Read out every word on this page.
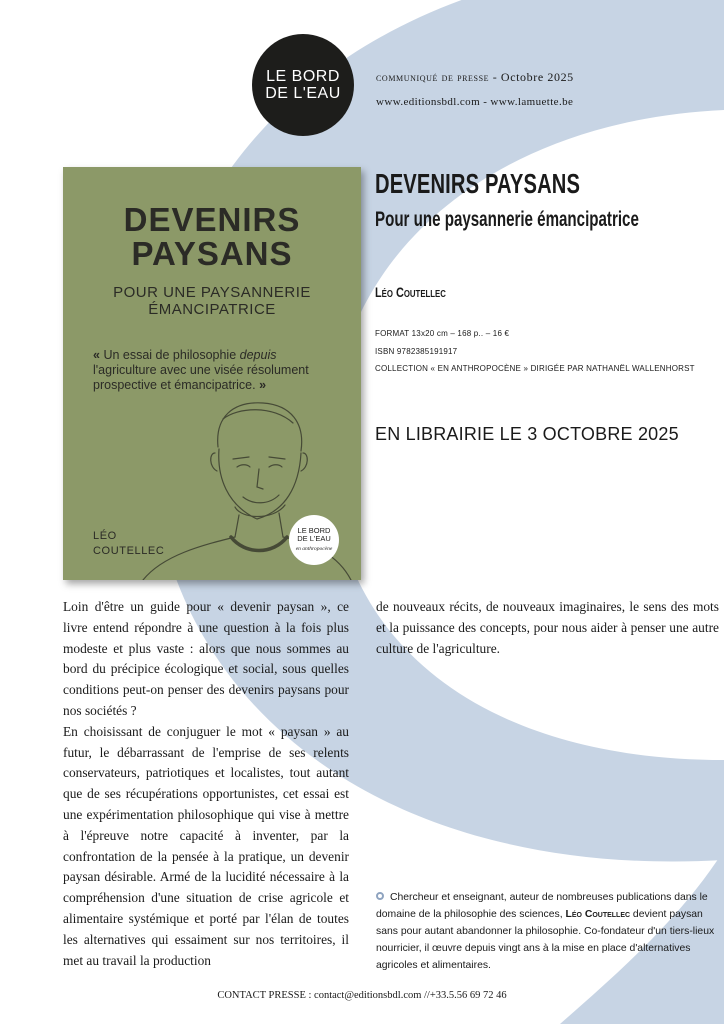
LE BORD
DE L'EAU
communiqué de presse - Octobre 2025
www.editionsbdl.com - www.lamuette.be
DEVENIRS
PAYSANS
POUR UNE PAYSANNERIE
ÉMANCIPATRICE
« Un essai de philosophie depuis l'agriculture avec une visée résolument prospective et émancipatrice. »
LÉO
COUTELLEC
LE BORD
DE L'EAU
en anthropocène
DEVENIRS PAYSANS
Pour une paysannerie émancipatrice
Léo Coutellec
FORMAT 13x20 cm – 168 p.. – 16 €
ISBN 9782385191917
COLLECTION « EN ANTHROPOCÈNE » DIRIGÉE PAR NATHANËL WALLENHORST
EN LIBRAIRIE LE 3 OCTOBRE 2025

Loin d'être un guide pour « devenir paysan », ce livre entend répondre à une question à la fois plus modeste et plus vaste : alors que nous sommes au bord du précipice écologique et social, sous quelles conditions peut-on penser des devenirs paysans pour nos sociétés ?

En choisissant de conjuguer le mot « paysan » au futur, le débarrassant de l'emprise de ses relents conservateurs, patriotiques et localistes, tout autant que de ses récupérations opportunistes, cet essai est une expérimentation philosophique qui vise à mettre à l'épreuve notre capacité à inventer, par la confrontation de la pensée à la pratique, un devenir paysan désirable. Armé de la lucidité nécessaire à la compréhension d'une situation de crise agricole et alimentaire systémique et porté par l'élan de toutes les alternatives qui essaiment sur nos territoires, il met au travail la production

de nouveaux récits, de nouveaux imaginaires, le sens des mots et la puissance des concepts, pour nous aider à penser une autre culture de l'agriculture.

Chercheur et enseignant, auteur de nombreuses publications dans le domaine de la philosophie des sciences, Léo Coutellec devient paysan sans pour autant abandonner la philosophie. Co-fondateur d'un tiers-lieux nourricier, il œuvre depuis vingt ans à la mise en place d'alternatives agricoles et alimentaires.
CONTACT PRESSE : contact@editionsbdl.com //+33.5.56 69 72 46
